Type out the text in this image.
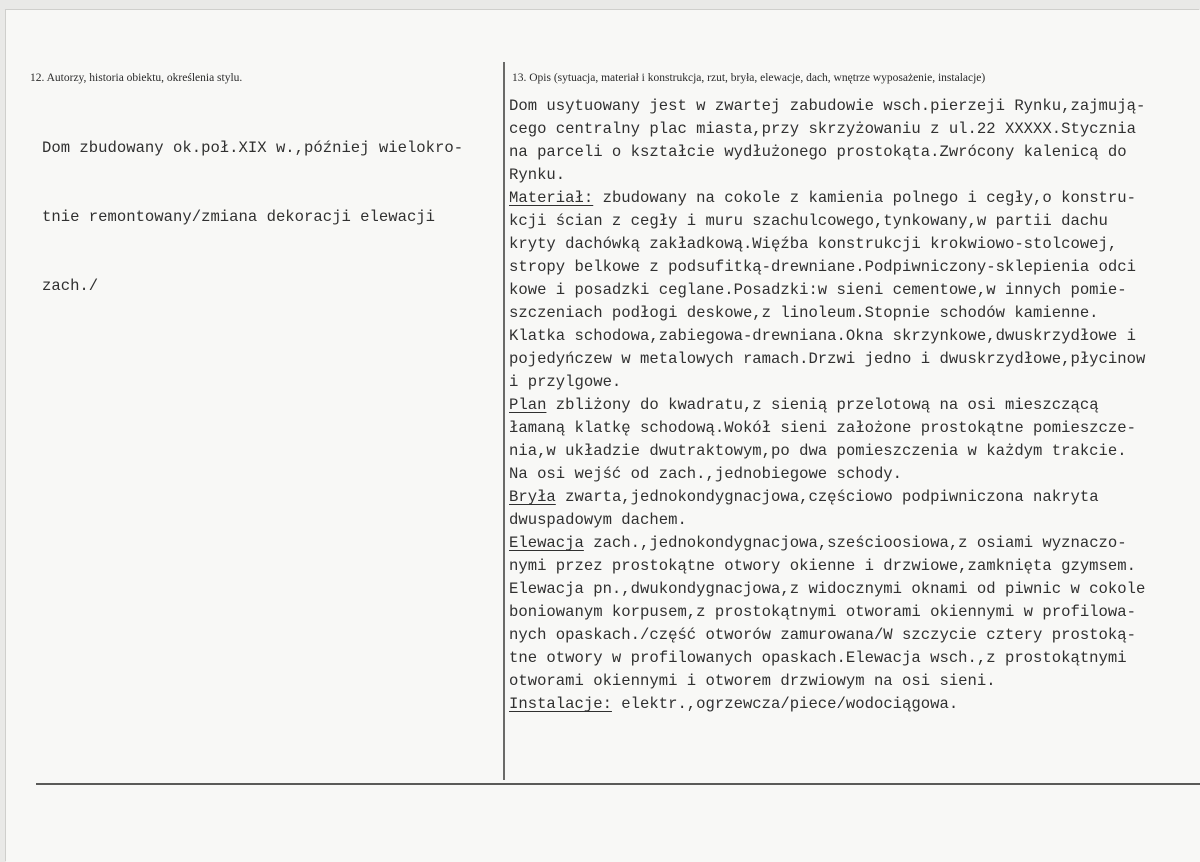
12. Autorzy, historia obiektu, określenia stylu.	13. Opis (sytuacja, materiał i konstrukcja, rzut, bryła, elewacje, dach, wnętrze wyposażenie, instalacje)

Dom zbudowany ok.poł.XIX w.,później wielokro-

tnie remontowany/zmiana dekoracji elewacji

zach./

Dom usytuowany jest w zwartej zabudowie wsch.pierzeji Rynku,zajmują-
cego centralny plac miasta,przy skrzyżowaniu z ul.22 XXXXX.Stycznia
na parceli o kształcie wydłużonego prostokąta.Zwrócony kalenicą do
Rynku.
Materiał: zbudowany na cokole z kamienia polnego i cegły,o konstru-
kcji ścian z cegły i muru szachulcowego,tynkowany,w partii dachu
kryty dachówką zakładkową.Więźba konstrukcji krokwiowo-stolcowej,
stropy belkowe z podsufitką-drewniane.Podpiwniczony-sklepienia odci
kowe i posadzki ceglane.Posadzki:w sieni cementowe,w innych pomie-
szczeniach podłogi deskowe,z linoleum.Stopnie schodów kamienne.
Klatka schodowa,zabiegowa-drewniana.Okna skrzynkowe,dwuskrzydłowe i
pojedyńczew w metalowych ramach.Drzwi jedno i dwuskrzydłowe,płycinow
i przylgowe.
Plan zbliżony do kwadratu,z sienią przelotową na osi mieszczącą
łamaną klatkę schodową.Wokół sieni założone prostokątne pomieszcze-
nia,w układzie dwutraktowym,po dwa pomieszczenia w każdym trakcie.
Na osi wejść od zach.,jednobiegowe schody.
Bryła zwarta,jednokondygnacjowa,częściowo podpiwniczona nakryta
dwuspadowym dachem.
Elewacja zach.,jednokondygnacjowa,sześcioosiowa,z osiami wyznaczo-
nymi przez prostokątne otwory okienne i drzwiowe,zamknięta gzymsem.
Elewacja pn.,dwukondygnacjowa,z widocznymi oknami od piwnic w cokole
boniowanym korpusem,z prostokątnymi otworami okiennymi w profilowa-
nych opaskach./część otworów zamurowana/W szczycie cztery prostoką-
tne otwory w profilowanych opaskach.Elewacja wsch.,z prostokątnymi
otworami okiennymi i otworem drzwiowym na osi sieni.
Instalacje: elektr.,ogrzewcza/piece/wodociągowa.
